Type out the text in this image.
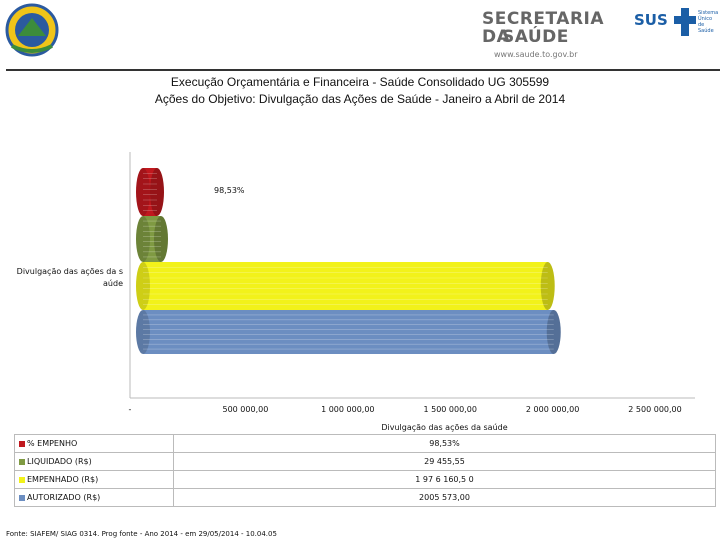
SECRETARIA DA
SAÚDE
www.saude.to.gov.br
SUS	Sistema Único de Saúde
Execução Orçamentária e Financeira - Saúde Consolidado UG 305599
Ações do Objetivo: Divulgação das Ações de Saúde - Janeiro a Abril de 2014
98,53%
Divulgação das ações da s
aúde
-	500 000,00	1 000 000,00	1 500 000,00	2 000 000,00	2 500 000,00
	Divulgação das ações da saúde
% EMPENHO	98,53%
LIQUIDADO (R$)	29 455,55
EMPENHADO (R$)	1 97 6 160,5 0
AUTORIZADO (R$)	2005 573,00
Fonte: SIAFEM/ SIAG 0314. Prog fonte - Ano 2014 - em 29/05/2014 - 10.04.05
